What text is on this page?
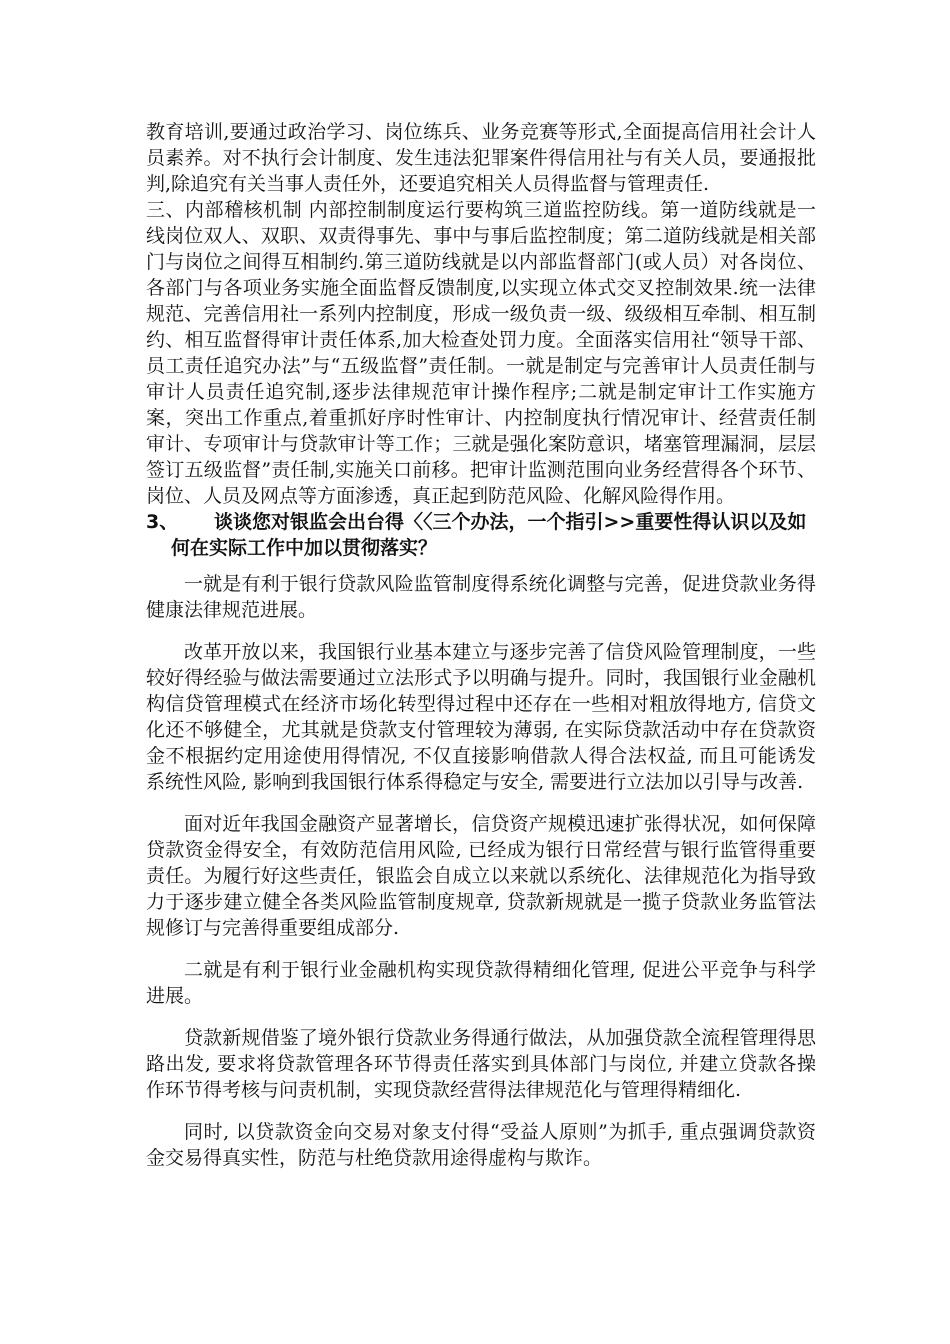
教育培训,要通过政治学习、岗位练兵、业务竞赛等形式,全面提高信用社会计人员素养。对不执行会计制度、发生违法犯罪案件得信用社与有关人员，要通报批判,除追究有关当事人责任外，还要追究相关人员得监督与管理责任.

三、内部稽核机制 内部控制制度运行要构筑三道监控防线。第一道防线就是一线岗位双人、双职、双责得事先、事中与事后监控制度；第二道防线就是相关部门与岗位之间得互相制约.第三道防线就是以内部监督部门(或人员）对各岗位、各部门与各项业务实施全面监督反馈制度,以实现立体式交叉控制效果.统一法律规范、完善信用社一系列内控制度，形成一级负责一级、级级相互牵制、相互制约、相互监督得审计责任体系,加大检查处罚力度。全面落实信用社“领导干部、员工责任追究办法”与“五级监督”责任制。一就是制定与完善审计人员责任制与审计人员责任追究制,逐步法律规范审计操作程序;二就是制定审计工作实施方案，突出工作重点,着重抓好序时性审计、内控制度执行情况审计、经营责任制审计、专项审计与贷款审计等工作；三就是强化案防意识，堵塞管理漏洞，层层签订五级监督”责任制,实施关口前移。把审计监测范围向业务经营得各个环节、岗位、人员及网点等方面渗透，真正起到防范风险、化解风险得作用。

3、 谈谈您对银监会出台得〈〈三个办法，一个指引>>重要性得认识以及如何在实际工作中加以贯彻落实？

一就是有利于银行贷款风险监管制度得系统化调整与完善，促进贷款业务得健康法律规范进展。

改革开放以来，我国银行业基本建立与逐步完善了信贷风险管理制度，一些较好得经验与做法需要通过立法形式予以明确与提升。同时，我国银行业金融机构信贷管理模式在经济市场化转型得过程中还存在一些相对粗放得地方, 信贷文化还不够健全，尤其就是贷款支付管理较为薄弱, 在实际贷款活动中存在贷款资金不根据约定用途使用得情况, 不仅直接影响借款人得合法权益, 而且可能诱发系统性风险, 影响到我国银行体系得稳定与安全, 需要进行立法加以引导与改善.

面对近年我国金融资产显著增长，信贷资产规模迅速扩张得状况，如何保障贷款资金得安全，有效防范信用风险, 已经成为银行日常经营与银行监管得重要责任。为履行好这些责任，银监会自成立以来就以系统化、法律规范化为指导致力于逐步建立健全各类风险监管制度规章, 贷款新规就是一揽子贷款业务监管法规修订与完善得重要组成部分.

二就是有利于银行业金融机构实现贷款得精细化管理, 促进公平竞争与科学进展。

贷款新规借鉴了境外银行贷款业务得通行做法，从加强贷款全流程管理得思路出发, 要求将贷款管理各环节得责任落实到具体部门与岗位, 并建立贷款各操作环节得考核与问责机制，实现贷款经营得法律规范化与管理得精细化.

同时, 以贷款资金向交易对象支付得“受益人原则”为抓手, 重点强调贷款资金交易得真实性，防范与杜绝贷款用途得虚构与欺诈。
